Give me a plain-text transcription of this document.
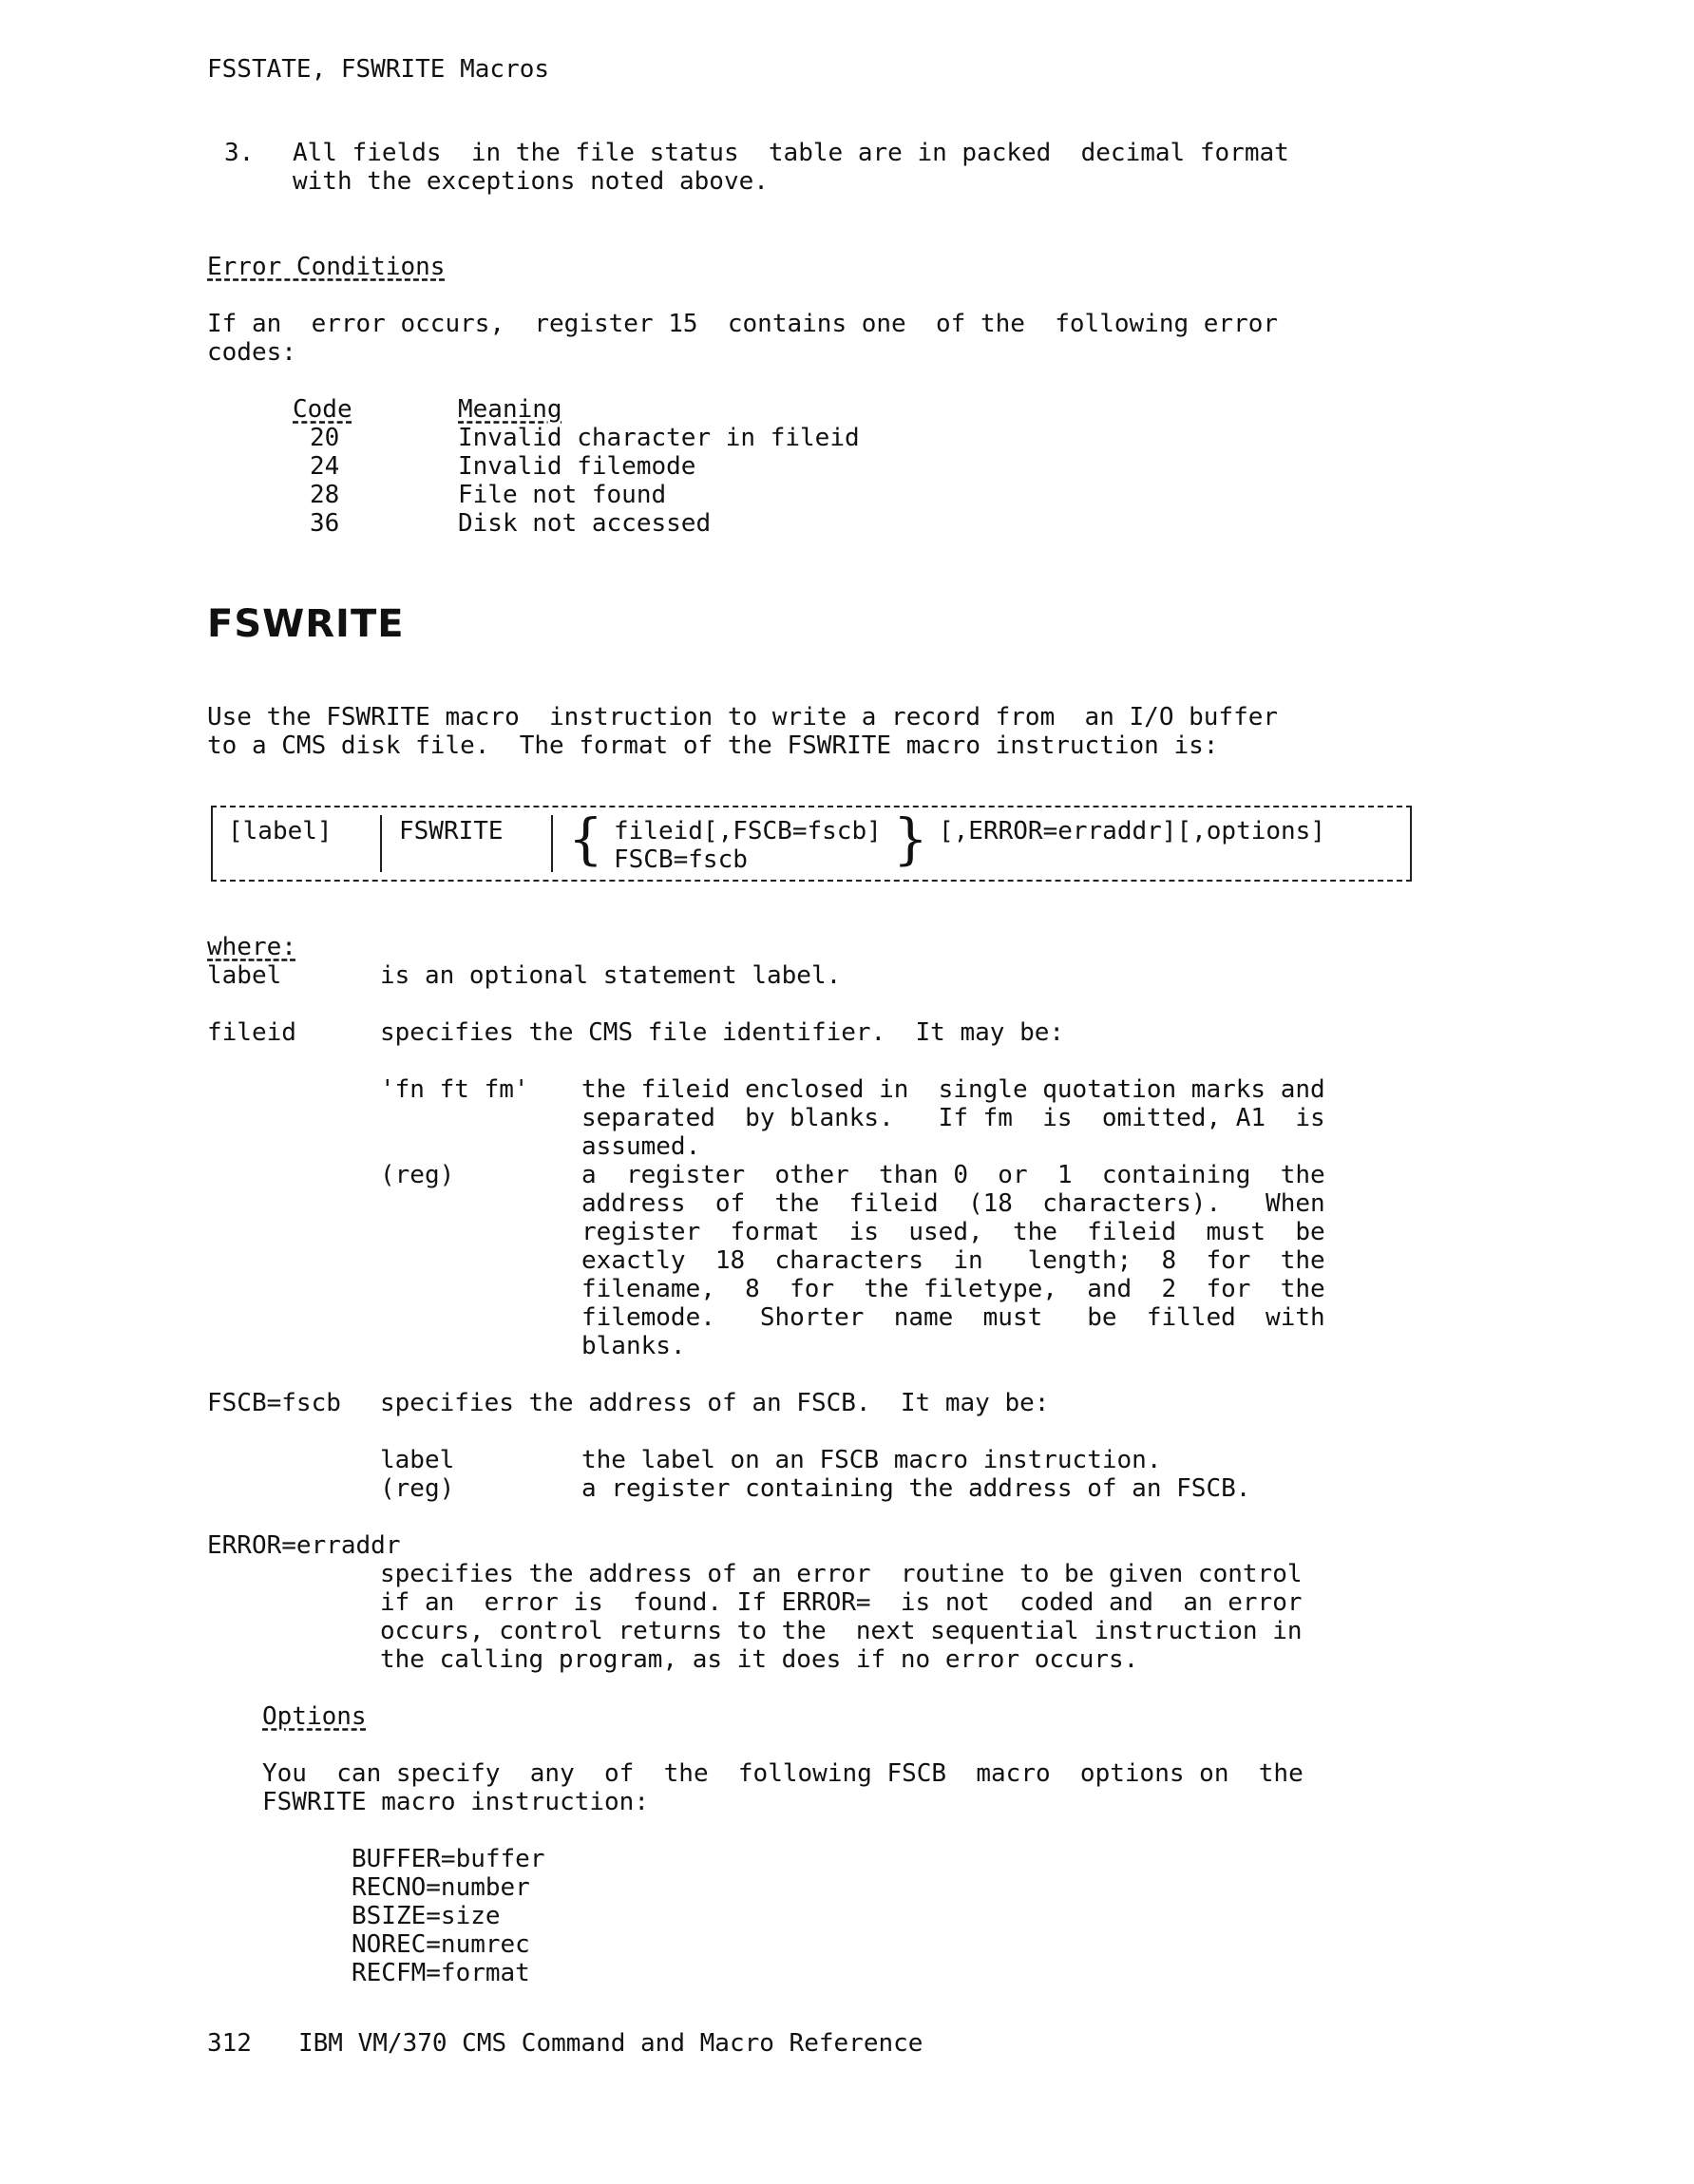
FSSTATE, FSWRITE Macros
3. All fields  in the file status  table are in packed  decimal format
with the exceptions noted above.
Error Conditions
If an  error occurs,  register 15  contains one  of the  following error
codes:
Code	Meaning
20	Invalid character in fileid
24	Invalid filemode
28	File not found
36	Disk not accessed
FSWRITE
Use the FSWRITE macro  instruction to write a record from  an I/O buffer
to a CMS disk file.  The format of the FSWRITE macro instruction is:
[label]	FSWRITE { fileid[,FSCB=fscb]
FSCB=fscb	} [,ERROR=erraddr][,options]
where:
label	is an optional statement label.
fileid	specifies the CMS file identifier.  It may be:
'fn ft fm' the fileid enclosed in  single quotation marks and
separated  by blanks.   If fm  is  omitted, A1  is
assumed.
(reg)	a  register  other  than 0  or  1  containing  the
address  of  the  fileid  (18  characters).   When
register  format  is  used,  the  fileid  must  be
exactly  18  characters  in   length;  8  for  the
filename,  8  for  the filetype,  and  2  for  the
filemode.   Shorter  name  must   be  filled  with
blanks.
FSCB=fscb specifies the address of an FSCB.  It may be:
label	the label on an FSCB macro instruction.
(reg)	a register containing the address of an FSCB.
ERROR=erraddr
specifies the address of an error  routine to be given control
if an  error is  found. If ERROR=  is not  coded and  an error
occurs, control returns to the  next sequential instruction in
the calling program, as it does if no error occurs.
Options
You  can specify  any  of  the  following FSCB  macro  options on  the
FSWRITE macro instruction:
BUFFER=buffer
RECNO=number
BSIZE=size
NOREC=numrec
RECFM=format
312 IBM VM/370 CMS Command and Macro Reference
